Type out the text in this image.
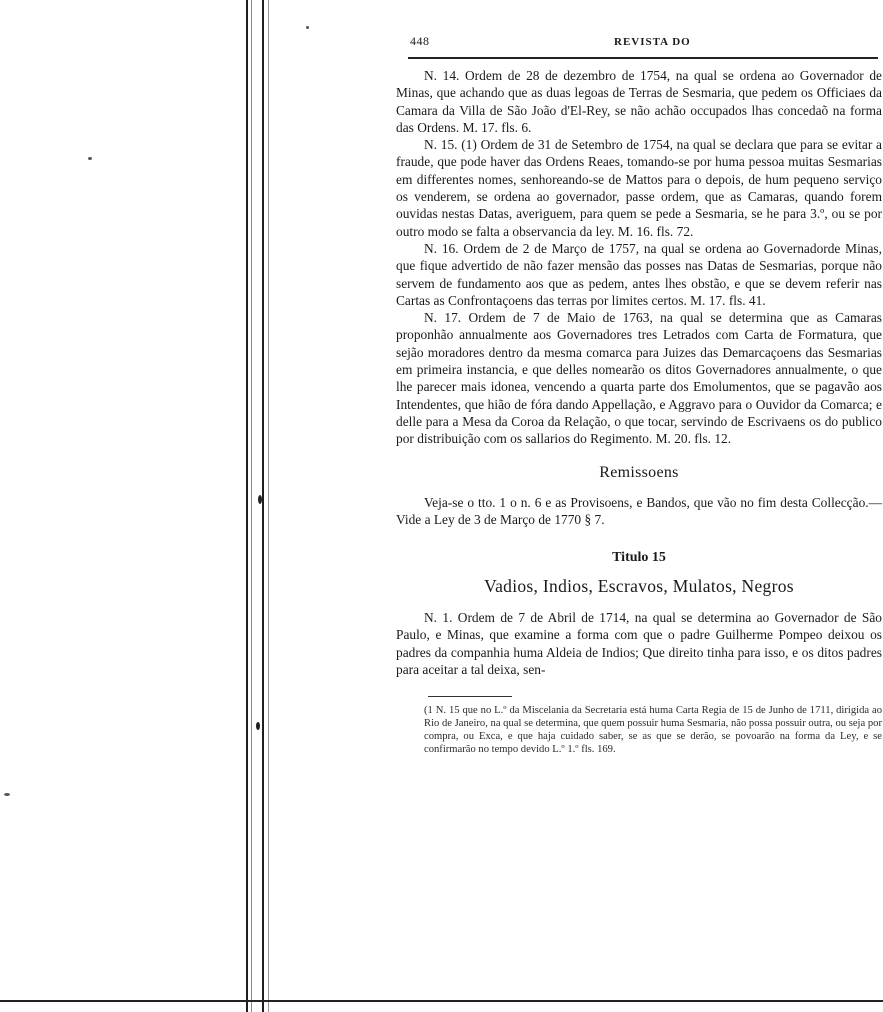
448	REVISTA DO

N. 14. Ordem de 28 de dezembro de 1754, na qual se ordena ao Governador de Minas, que achando que as duas legoas de Terras de Sesmaria, que pedem os Officiaes da Camara da Villa de São João d'El-Rey, se não achão occupados lhas concedaõ na forma das Ordens. M. 17. fls. 6.

N. 15. (1) Ordem de 31 de Setembro de 1754, na qual se declara que para se evitar a fraude, que pode haver das Ordens Reaes, tomando-se por huma pessoa muitas Sesmarias em differentes nomes, senhoreando-se de Mattos para o depois, de hum pequeno serviço os venderem, se ordena ao governador, passe ordem, que as Camaras, quando forem ouvidas nestas Datas, averiguem, para quem se pede a Sesmaria, se he para 3.º, ou se por outro modo se falta a observancia da ley. M. 16. fls. 72.

N. 16. Ordem de 2 de Março de 1757, na qual se ordena ao Governadorde Minas, que fique advertido de não fazer mensão das posses nas Datas de Sesmarias, porque não servem de fundamento aos que as pedem, antes lhes obstão, e que se devem referir nas Cartas as Confrontaçoens das terras por limites certos. M. 17. fls. 41.

N. 17. Ordem de 7 de Maio de 1763, na qual se determina que as Camaras proponhão annualmente aos Governadores tres Letrados com Carta de Formatura, que sejão moradores dentro da mesma comarca para Juizes das Demarcaçoens das Sesmarias em primeira instancia, e que delles nomearão os ditos Governadores annualmente, o que lhe parecer mais idonea, vencendo a quarta parte dos Emolumentos, que se pagavão aos Intendentes, que hião de fóra dando Appellação, e Aggravo para o Ouvidor da Comarca; e delle para a Mesa da Coroa da Relação, o que tocar, servindo de Escrivaens os do publico por distribuição com os sallarios do Regimento. M. 20. fls. 12.

Remissoens

Veja-se o tto. 1 o n. 6 e as Provisoens, e Bandos, que vão no fim desta Collecção.—Vide a Ley de 3 de Março de 1770 § 7.

Titulo 15
Vadios, Indios, Escravos, Mulatos, Negros

N. 1. Ordem de 7 de Abril de 1714, na qual se determina ao Governador de São Paulo, e Minas, que examine a forma com que o padre Guilherme Pompeo deixou os padres da companhia huma Aldeia de Indios; Que direito tinha para isso, e os ditos padres para aceitar a tal deixa, sen-

(1 N. 15 que no L.º da Miscelania da Secretaria está huma Carta Regia de 15 de Junho de 1711, dirigida ao Rio de Janeiro, na qual se determina, que quem possuir huma Sesmaria, não possa possuir outra, ou seja por compra, ou Exca, e que haja cuidado saber, se as que se derão, se povoarão na forma da Ley, e se confirmarão no tempo devido L.º 1.º fls. 169.
